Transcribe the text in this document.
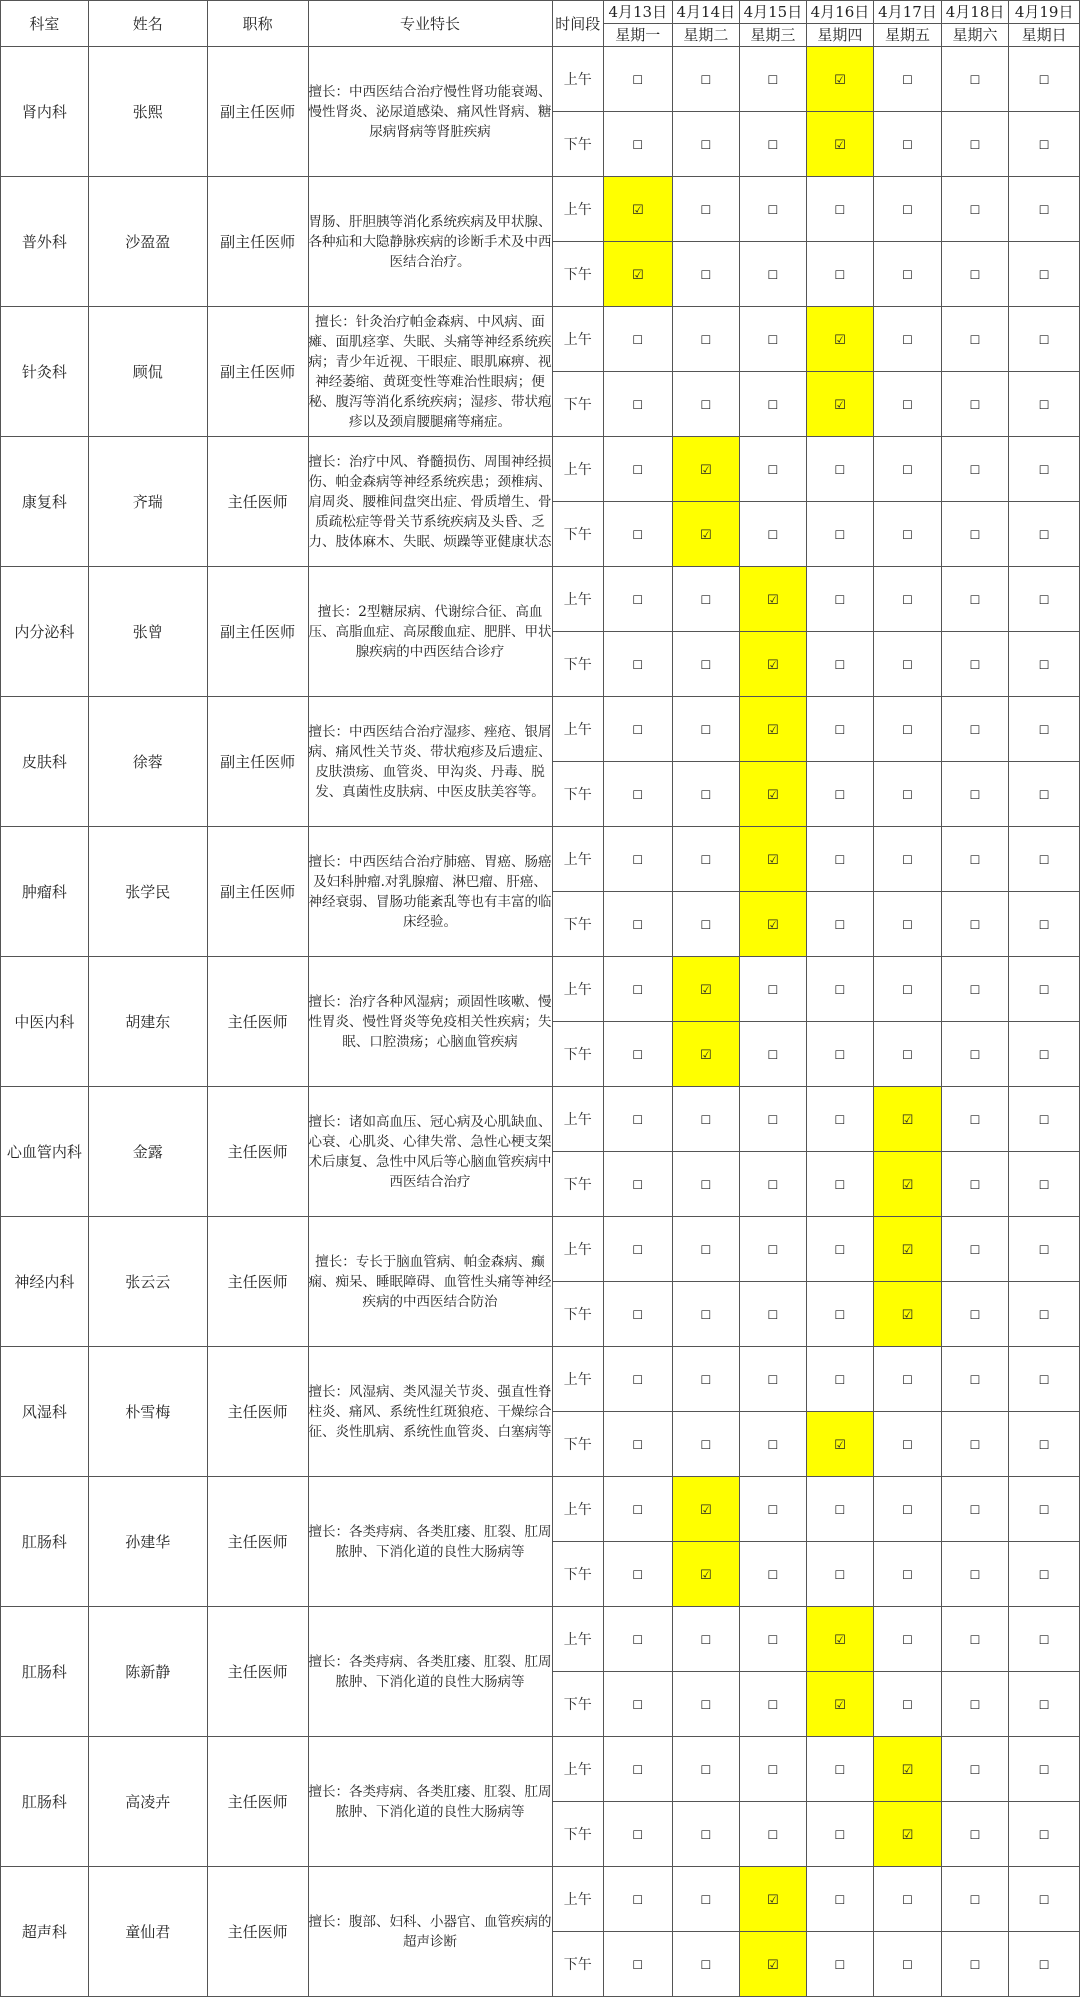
科室	姓名	职称	专业特长	时间段	4月13日	4月14日	4月15日	4月16日	4月17日	4月18日	4月19日
					星期一	星期二	星期三	星期四	星期五	星期六	星期日
肾内科	张熙	副主任医师	擅长：中西医结合治疗慢性肾功能衰竭、慢性肾炎、泌尿道感染、痛风性肾病、糖尿病肾病等肾脏疾病	上午	☐	☐	☐	☑	☐	☐	☐
				下午	☐	☐	☐	☑	☐	☐	☐
普外科	沙盈盈	副主任医师	胃肠、肝胆胰等消化系统疾病及甲状腺、各种疝和大隐静脉疾病的诊断手术及中西医结合治疗。	上午	☑	☐	☐	☐	☐	☐	☐
				下午	☑	☐	☐	☐	☐	☐	☐
针灸科	顾侃	副主任医师	擅长：针灸治疗帕金森病、中风病、面瘫、面肌痉挛、失眠、头痛等神经系统疾病；青少年近视、干眼症、眼肌麻痹、视神经萎缩、黄斑变性等难治性眼病；便秘、腹泻等消化系统疾病；湿疹、带状疱疹以及颈肩腰腿痛等痛症。	上午	☐	☐	☐	☑	☐	☐	☐
				下午	☐	☐	☐	☑	☐	☐	☐
康复科	齐瑞	主任医师	擅长：治疗中风、脊髓损伤、周围神经损伤、帕金森病等神经系统疾患；颈椎病、肩周炎、腰椎间盘突出症、骨质增生、骨质疏松症等骨关节系统疾病及头昏、乏力、肢体麻木、失眠、烦躁等亚健康状态	上午	☐	☑	☐	☐	☐	☐	☐
				下午	☐	☑	☐	☐	☐	☐	☐
内分泌科	张曾	副主任医师	擅长：2型糖尿病、代谢综合征、高血压、高脂血症、高尿酸血症、肥胖、甲状腺疾病的中西医结合诊疗	上午	☐	☐	☑	☐	☐	☐	☐
				下午	☐	☐	☑	☐	☐	☐	☐
皮肤科	徐蓉	副主任医师	擅长：中西医结合治疗湿疹、痤疮、银屑病、痛风性关节炎、带状疱疹及后遗症、皮肤溃疡、血管炎、甲沟炎、丹毒、脱发、真菌性皮肤病、中医皮肤美容等。	上午	☐	☐	☑	☐	☐	☐	☐
				下午	☐	☐	☑	☐	☐	☐	☐
肿瘤科	张学民	副主任医师	擅长：中西医结合治疗肺癌、胃癌、肠癌及妇科肿瘤.对乳腺瘤、淋巴瘤、肝癌、神经衰弱、冒肠功能紊乱等也有丰富的临床经验。	上午	☐	☐	☑	☐	☐	☐	☐
				下午	☐	☐	☑	☐	☐	☐	☐
中医内科	胡建东	主任医师	擅长：治疗各种风湿病；顽固性咳嗽、慢性胃炎、慢性肾炎等免疫相关性疾病；失眠、口腔溃疡；心脑血管疾病	上午	☐	☑	☐	☐	☐	☐	☐
				下午	☐	☑	☐	☐	☐	☐	☐
心血管内科	金露	主任医师	擅长：诸如高血压、冠心病及心肌缺血、心衰、心肌炎、心律失常、急性心梗支架术后康复、急性中风后等心脑血管疾病中西医结合治疗	上午	☐	☐	☐	☐	☑	☐	☐
				下午	☐	☐	☐	☐	☑	☐	☐
神经内科	张云云	主任医师	擅长：专长于脑血管病、帕金森病、癫痫、痴呆、睡眠障碍、血管性头痛等神经疾病的中西医结合防治	上午	☐	☐	☐	☐	☑	☐	☐
				下午	☐	☐	☐	☐	☑	☐	☐
风湿科	朴雪梅	主任医师	擅长：风湿病、类风湿关节炎、强直性脊柱炎、痛风、系统性红斑狼疮、干燥综合征、炎性肌病、系统性血管炎、白塞病等	上午	☐	☐	☐	☐	☐	☐	☐
				下午	☐	☐	☐	☑	☐	☐	☐
肛肠科	孙建华	主任医师	擅长：各类痔病、各类肛瘘、肛裂、肛周脓肿、下消化道的良性大肠病等	上午	☐	☑	☐	☐	☐	☐	☐
				下午	☐	☑	☐	☐	☐	☐	☐
肛肠科	陈新静	主任医师	擅长：各类痔病、各类肛瘘、肛裂、肛周脓肿、下消化道的良性大肠病等	上午	☐	☐	☐	☑	☐	☐	☐
				下午	☐	☐	☐	☑	☐	☐	☐
肛肠科	高凌卉	主任医师	擅长：各类痔病、各类肛瘘、肛裂、肛周脓肿、下消化道的良性大肠病等	上午	☐	☐	☐	☐	☑	☐	☐
				下午	☐	☐	☐	☐	☑	☐	☐
超声科	童仙君	主任医师	擅长：腹部、妇科、小器官、血管疾病的超声诊断	上午	☐	☐	☑	☐	☐	☐	☐
				下午	☐	☐	☑	☐	☐	☐	☐
